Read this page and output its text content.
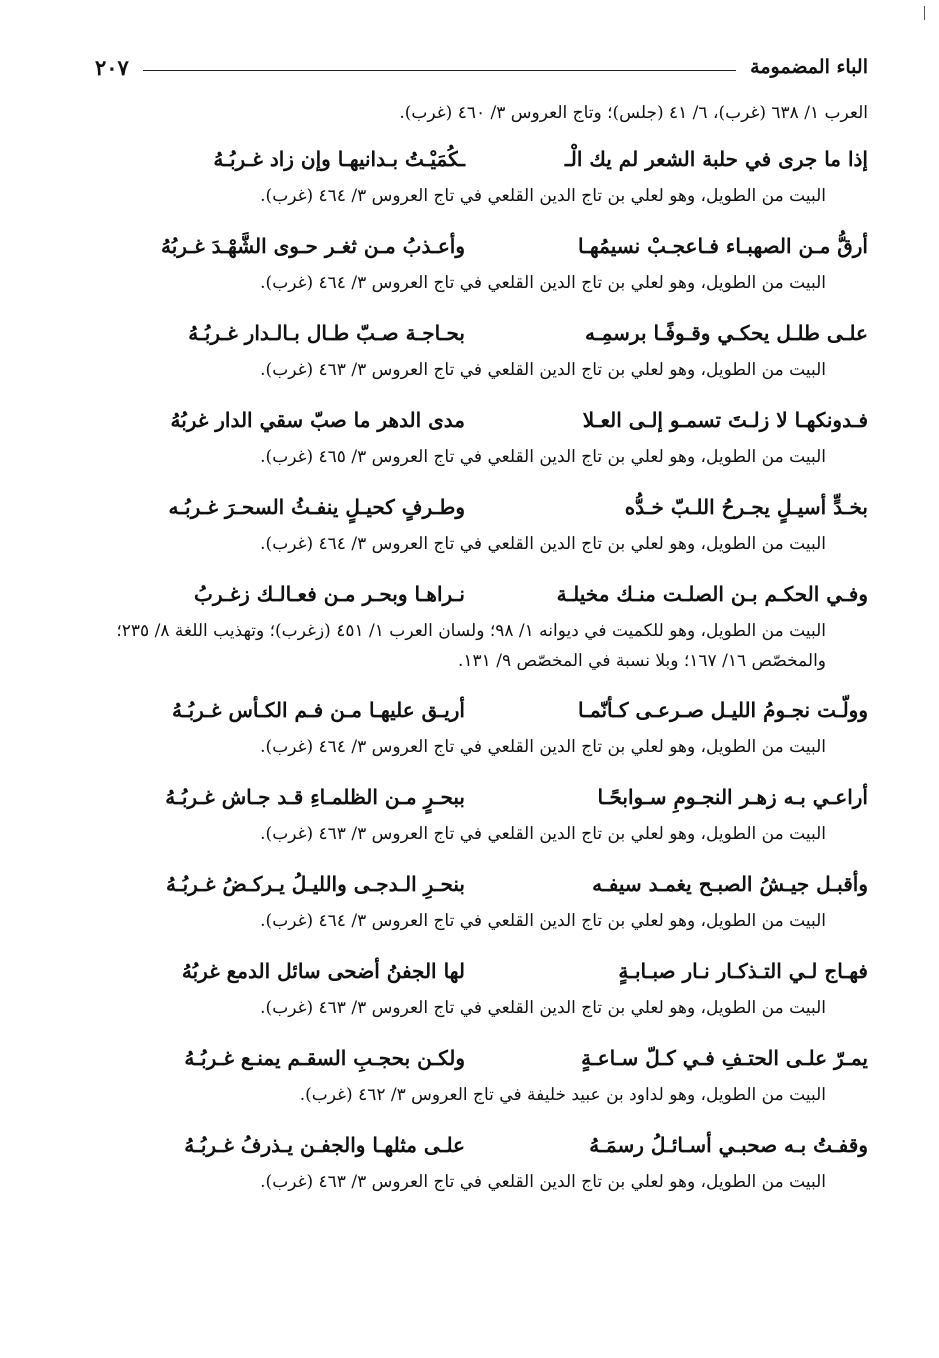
الباء المضمومة
٢٠٧

العرب ١/ ٦٣٨ (غرب)، ٦/ ٤١ (جلس)؛ وتاج العروس ٣/ ٤٦٠ (غرب).

إذا ما جرى في حلبة الشعر لم يك الْـ
ـكُمَيْـتُ بـدانيهـا وإن زاد غـربُـهُ

البيت من الطويل، وهو لعلي بن تاج الدين القلعي في تاج العروس ٣/ ٤٦٤ (غرب).

أرقُّ مـن الصهبـاء فـاعجـبْ نسيمُهـا
وأعـذبُ مـن ثغـر حـوى الشَّهْـدَ غـربُهُ

البيت من الطويل، وهو لعلي بن تاج الدين القلعي في تاج العروس ٣/ ٤٦٤ (غرب).

علـى طلـل يحكـي وقـوفًـا برسمِـه
بحـاجـة صـبّ طـال بـالـدار غـربُـهُ

البيت من الطويل، وهو لعلي بن تاج الدين القلعي في تاج العروس ٣/ ٤٦٣ (غرب).

فـدونكهـا لا زلـتَ تسمـو إلـى العـلا
مدى الدهر ما صبّ سقي الدار غربُهُ

البيت من الطويل، وهو لعلي بن تاج الدين القلعي في تاج العروس ٣/ ٤٦٥ (غرب).

بخـدٍّ أسيـلٍ يجـرحُ اللـبّ خـدُّه
وطـرفٍ كحيـلٍ ينفـثُ السحـرَ غـربُـه

البيت من الطويل، وهو لعلي بن تاج الدين القلعي في تاج العروس ٣/ ٤٦٤ (غرب).

وفـي الحكـم بـن الصلـت منـك مخيلـة
نـراهـا وبحـر مـن فعـالـك زغـربُ

البيت من الطويل، وهو للكميت في ديوانه ١/ ٩٨؛ ولسان العرب ١/ ٤٥١ (زغرب)؛ وتهذيب اللغة ٨/ ٢٣٥؛ والمخصّص ١٦/ ١٦٧؛ وبلا نسبة في المخصّص ٩/ ١٣١.

وولّـت نجـومُ الليـل صـرعـى كـأنّمـا
أريـق عليهـا مـن فـم الكـأس غـربُـهُ

البيت من الطويل، وهو لعلي بن تاج الدين القلعي في تاج العروس ٣/ ٤٦٤ (غرب).

أراعـي بـه زهـر النجـومِ سـوابحًـا
ببحـرٍ مـن الظلمـاءِ قـد جـاش غـربُـهُ

البيت من الطويل، وهو لعلي بن تاج الدين القلعي في تاج العروس ٣/ ٤٦٣ (غرب).

وأقبـل جيـشُ الصبـح يغمـد سيفـه
بنحـرِ الـدجـى والليـلُ يـركـضُ غـربُـهُ

البيت من الطويل، وهو لعلي بن تاج الدين القلعي في تاج العروس ٣/ ٤٦٤ (غرب).

فهـاج لـي التـذكـار نـار صبـابـةٍ
لها الجفنُ أضحى سائل الدمع غربُهُ

البيت من الطويل، وهو لعلي بن تاج الدين القلعي في تاج العروس ٣/ ٤٦٣ (غرب).

يمـرّ علـى الحتـفِ فـي كـلّ سـاعـةٍ
ولكـن بحجـبِ السقـم يمنـع غـربُـهُ

البيت من الطويل، وهو لداود بن عبيد خليفة في تاج العروس ٣/ ٤٦٢ (غرب).

وقفـتُ بـه صحبـي أسـائـلُ رسمَـهُ
علـى مثلهـا والجفـن يـذرفُ غـربُـهُ

البيت من الطويل، وهو لعلي بن تاج الدين القلعي في تاج العروس ٣/ ٤٦٣ (غرب).
